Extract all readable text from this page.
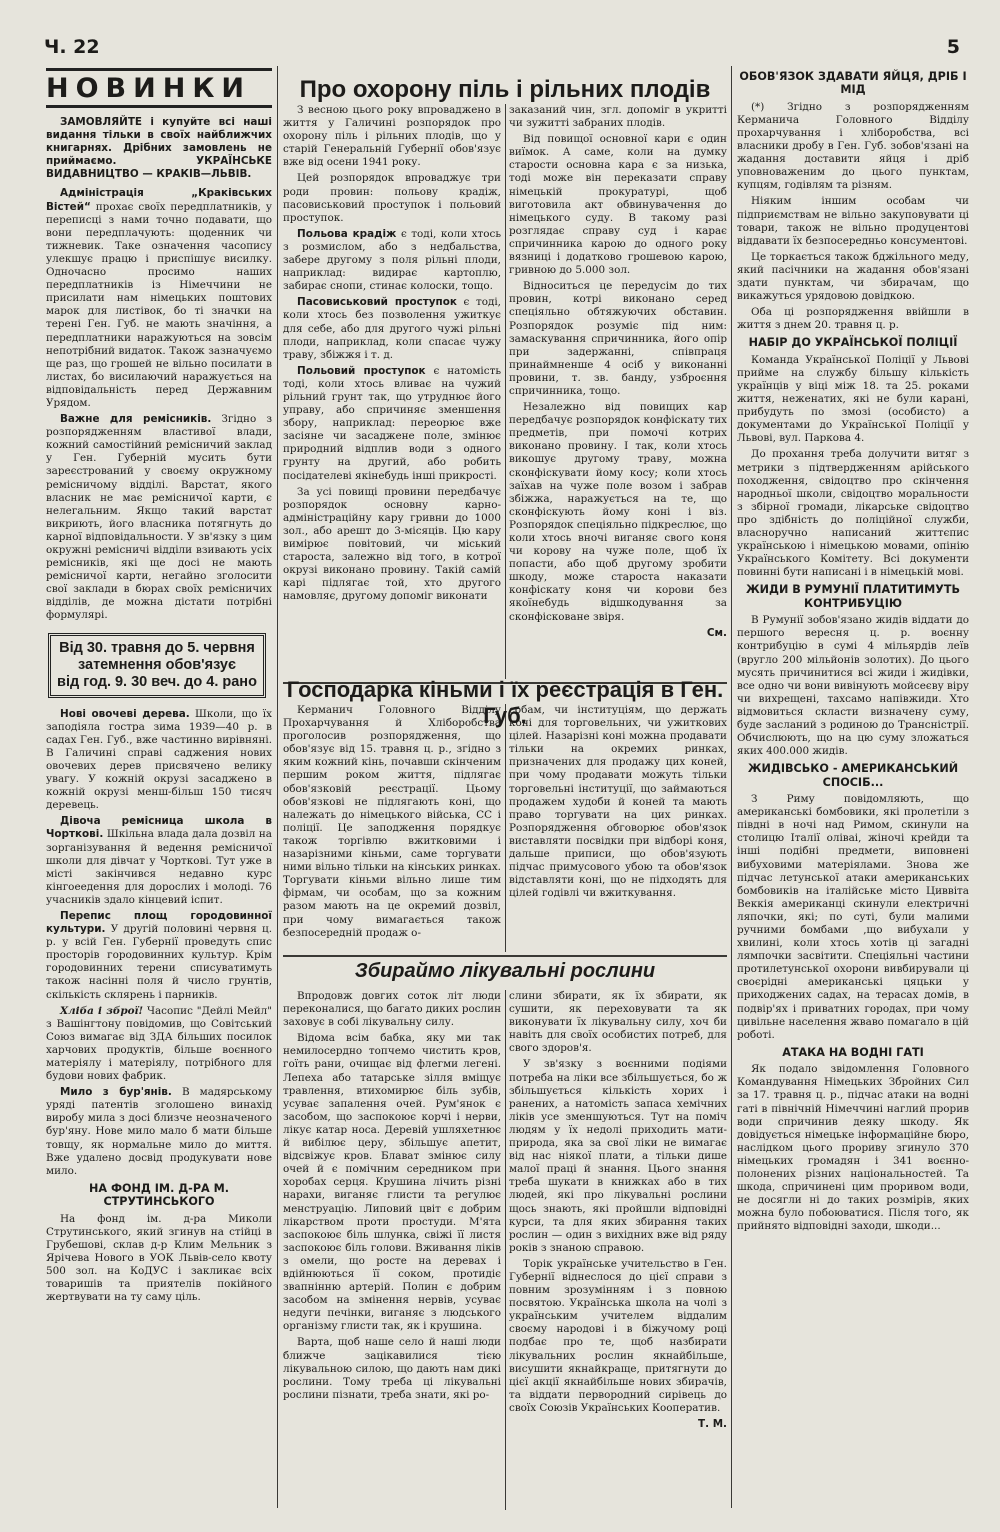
Ч. 22	5
НОВИНКИ

ЗАМОВЛЯЙТЕ і купуйте всі наші видання тільки в своїх найближчих книгарнях. Дрібних замовлень не приймаємо. УКРАЇНСЬКЕ ВИДАВНИЦТВО — КРАКІВ—ЛЬВІВ.

Адміністрація „Краківських Вістей“ прохає своїх передплатників, у переписці з нами точно подавати, що вони передплачують: щоденник чи тижневик. Таке означення часопису улекшує працю і приспішує висилку. Одночасно просимо наших передплатників із Німеччини не присилати нам німецьких поштових марок для листівок, бо ті значки на терені Ген. Губ. не мають значіння, а передплатники наражуються на зовсім непотрібний видаток. Також зазначуємо ще раз, що грошей не вільно посилати в листах, бо висилаючий наражується на відповідальність перед Державним Урядом.

Важне для ремісників. Згідно з розпорядженням властивої влади, кожний самостійний ремісничий заклад у Ген. Губерній мусить бути зареєстрований у своєму окружному ремісничому відділі. Варстат, якого власник не має ремісничої карти, є нелегальним. Якщо такий варстат викриють, його власника потягнуть до карної відповідальности. У зв'язку з цим окружні ремісничі відділи взивають усіх ремісників, які ще досі не мають ремісничої карти, негайно зголосити свої заклади в бюрах своїх ремісничих відділів, де можна дістати потрібні формулярі.

Від 30. травня до 5. червня
затемнення обов'язує
від год. 9. 30 веч. до 4. рано

Нові овочеві дерева. Школи, що їх заподіяла гостра зима 1939—40 р. в садах Ген. Губ., вже частинно вирівняні. В Галичині справі саджения нових овочевих дерев присвячено велику увагу. У кожній окрузі засаджено в кожній окрузі менш-більш 150 тисяч деревець.

Дівоча ремісница школа в Чорткові. Шкільна влада дала дозвіл на зорганізування й ведення ремісничої школи для дівчат у Чорткові. Тут уже в місті закінчився недавно курс кінгоеедення для дорослих і молоді. 76 учасників здало кінцевий іспит.

Перепис площ городовинної культури. У другій половині червня ц. р. у всій Ген. Губернії проведуть спис просторів городовинних культур. Крім городовинних терени списуватимуть також насінні поля й число грунтів, скількість склярень і парників.

Хліба і зброї! Часопис "Дейлі Мейл" з Вашінгтону повідомив, що Совітський Союз вимагає від ЗДА більших посилок харчових продуктів, більше воєнного матеріялу і матеріялу, потрібного для будови нових фабрик.

Мило з бур'янів. В мадярському уряді патентів зголошено винахід виробу мила з досі близче неозначеного бур'яну. Нове мило мало б мати більше товщу, як нормальне мило до миття. Вже удалено досвід продукувати нове мило.

НА ФОНД ІМ. Д-РА М. СТРУТИНСЬКОГО

На фонд ім. д-ра Миколи Струтинського, який згинув на стійці в Грубешові, склав д-р Клим Мельник з Ярічева Нового в УОК Львів-село квоту 500 зол. на КоДУС і закликає всіх товаришів та приятелів покійного жертвувати на ту саму ціль.

Про охорону піль і рільних плодів

З весною цього року впроваджено в життя у Галичині розпорядок про охорону піль і рільних плодів, що у старій Генеральній Губернії обов'язує вже від осени 1941 року.

Цей розпорядок впроваджує три роди провин: польову крадіж, пасовиськовий проступок і польовий проступок.

Польова крадіж є тоді, коли хтось з розмислом, або з недбальства, забере другому з поля рільні плоди, наприклад: видирає картоплю, забирає снопи, стинає колоски, тощо.

Пасовиськовий проступок є тоді, коли хтось без позволення ужиткує для себе, або для другого чужі рільні плоди, наприклад, коли спасає чужу траву, збіжжя і т. д.

Польовий проступок є натомість тоді, коли хтось вливає на чужий рільний грунт так, що утруднює його управу, або спричиняє зменшення збору, наприклад: переорює вже засіяне чи засаджене поле, змінює природний відплив води з одного грунту на другий, або робить посідателеві якінебудь інші прикрості.

За усі повищі провини передбачує розпорядок основну карно-адміністраційну кару гривни до 1000 зол., або арешт до 3-місяців. Цю кару вимірює повітовий, чи міський староста, залежно від того, в котрої окрузі виконано провину. Такій самій карі підлягає той, хто другого намовляє, другому допоміг виконати

заказаний чин, згл. допоміг в укритті чи зужитті забраних плодів.

Від повищої основної кари є один виїмок. А саме, коли на думку старости основна кара є за низька, тоді може він переказати справу німецькій прокуратурі, щоб виготовила акт обвинувачення до німецького суду. В такому разі розглядає справу суд і карає спричинника карою до одного року вязниці і додатково грошевою карою, гривною до 5.000 зол.

Відноситься це передусім до тих провин, котрі виконано серед спеціяльно обтяжуючих обставин. Розпорядок розуміє під ним: замаскування спричинника, його опір при задержанні, співпраця принаймненше 4 осіб у виконанні провини, т. зв. банду, узброєння спричинника, тощо.

Незалежно від повищих кар передбачує розпорядок конфіскату тих предметів, при помочі котрих виконано провину. І так, коли хтось викошує другому траву, можна сконфіскувати йому косу; коли хтось заїхав на чуже поле возом і забрав збіжжа, наражується на те, що сконфіскують йому коні і віз. Розпорядок спеціяльно підкреслює, що коли хтось вночі виганяє свого коня чи корову на чуже поле, щоб їх попасти, або щоб другому зробити шкоду, може староста наказати конфіскату коня чи корови без якоїнебудь відшкодування за сконфісковане звіря.

См.
Господарка кіньми і їх реєстрація в Ген. Губ.

Керманич Головного Відділу Прохарчування й Хліборобства проголосив розпорядження, що обов'язує від 15. травня ц. р., згідно з яким кожний кінь, почавши скінченим першим роком життя, підлягає обов'язковій реєстрації. Цьому обов'язкові не підлягають коні, що належать до німецького війська, СС і поліції. Це заподження порядкує також торгівлю вжитковими і назарізними кіньми, саме торгувати ними вільно тільки на кінських ринках. Торгувати кіньми вільно лише тим фірмам, чи особам, що за кожним разом мають на це окремий дозвіл, при чому вимагається також безпосередній продаж о-

собам, чи інституціям, що держать коні для торговельних, чи ужиткових цілей. Назарізні коні можна продавати тільки на окремих ринках, призначених для продажу цих коней, при чому продавати можуть тільки торговельні інституції, що займаються продажем худоби й коней та мають право торгувати на цих ринках. Розпорядження обговорює обов'язок виставляти посвідки при відборі коня, дальше приписи, що обов'язують підчас примусового убою та обов'язок відставляти коні, що не підходять для цілей годівлі чи вжиткування.

Збираймо лікувальні рослини

Впродовж довгих соток літ люди переконалися, що багато диких рослин заховує в собі лікувальну силу.

Відома всім бабка, яку ми так немилосердно топчемо чистить кров, гоїть рани, очищає від флегми легені. Лепеха або татарське зілля вміщує травлення, втихомирює біль зубів, усуває запалення очей. Рум'янок є засобом, що заспокоює корчі і нерви, лікує катар носа. Деревій ушляхетнює й вибілює церу, збільшує апетит, відсвіжує кров. Блават змінює силу очей й є помічним середником при хоробах серця. Крушина лічить різні нарахи, виганяє глисти та регулює менструацію. Липовий цвіт є добрим лікарством проти простуди. М'ята заспокоює біль шлунка, свіжі її листя заспокоює біль голови. Вживання ліків з омели, що росте на деревах і вдійнюються її соком, протидіє звапнінню артерій. Полин є добрим засобом на змінення нервів, усуває недуги печінки, виганяє з людського організму глисти так, як і крушина.

Варта, щоб наше село й наші люди ближче зацікавилися тією лікувальною силою, що дають нам дикі рослини. Тому треба ці лікувальні рослини пізнати, треба знати, які ро-

слини збирати, як їх збирати, як сушити, як переховувати та як виконувати їх лікувальну силу, хоч би навіть для своїх особистих потреб, для свого здоров'я.

У зв'язку з воєнними подіями потреба на ліки все збільшується, бо ж збільшується кількість хорих і ранених, а натомість запаса хемічних ліків усе зменшуються. Тут на поміч людям у їх недолі приходить мати-природа, яка за свої ліки не вимагає від нас ніякої плати, а тільки дише малої праці й знання. Цього знання треба шукати в книжках або в тих людей, які про лікувальні рослини щось знають, які пройшли відповідні курси, та для яких збирання таких рослин — один з вихідних вже від ряду років з знаною справою.

Торік українське учительство в Ген. Губернії віднеслося до цієї справи з повним зрозумінням і з повною посвятою. Українська школа на чолі з українським учителем віддалим своєму народові і в біжучому році подбає про те, щоб назбирати лікувальних рослин якнайбільше, висушити якнайкраще, притягнути до цієї акції якнайбільше нових збирачів, та віддати первородний сирівець до своїх Союзів Українських Кооператив.

Т. М.
ОБОВ'ЯЗОК ЗДАВАТИ ЯЙЦЯ, ДРІБ І МІД

(*) Згідно з розпорядженням Керманича Головного Відділу прохарчування і хліборобства, всі власники дробу в Ген. Губ. зобов'язані на жадання доставити яйця і дріб уповноваженим до цього пунктам, купцям, годівлям та різням.

Ніяким іншим особам чи підприємствам не вільно закуповувати ці товари, також не вільно продуцентові віддавати їх безпосередньо консументові.

Це торкається також бджільного меду, який пасічники на жадання обов'язані здати пунктам, чи збирачам, що викажуться урядовою довідкою.

Оба ці розпорядження ввійшли в життя з днем 20. травня ц. р.

НАБІР ДО УКРАЇНСЬКОЇ ПОЛІЦІЇ

Команда Української Поліції у Львові прийме на службу більшу кількість українців у віці між 18. та 25. роками життя, неженатих, які не були карані, прибудуть по змозі (особисто) а документами до Української Поліції у Львові, вул. Паркова 4.

До прохання треба долучити витяг з метрики з підтвердженням арійського походження, свідоцтво про скінчення народньої школи, свідоцтво моральности з збірної громади, лікарське свідоцтво про здібність до поліційної служби, власноручно написаний життєпис українською і німецькою мовами, опінію Українського Комітету. Всі документи повинні бути написані і в німецькій мові.

ЖИДИ В РУМУНІЇ ПЛАТИТИМУТЬ КОНТРИБУЦІЮ

В Румунії зобов'язано жидів віддати до першого вересня ц. р. воєнну контрибуцію в сумі 4 мільярдів леїв (вругло 200 мільйонів золотих). До цього мусять причинитися всі жиди і жидівки, все одно чи вони вивінують мойсеєву віру чи вихрещені, тахсамо напівжиди. Хто відмовиться скласти визначену суму, буде засланий з родиною до Трансністрії. Обчислюють, що на цю суму зложаться яких 400.000 жидів.

ЖИДІВСЬКО - АМЕРИКАНСЬКИЙ СПОСІБ...

З Риму повідомляють, що американські бомбовики, які пролетіли з півдні в ночі над Римом, скинули на столицю Італії оліваі, жіночі крейди та інші подібні предмети, виповнені вибуховими матеріялами. Знова же підчас летунської атаки американських бомбовиків на італійське місто Циввіта Веккія американці скинули електричні ляпочки, які; по суті, були малими ручними бомбами ,що вибухали у хвилині, коли хтось хотів ці загадні лямпочки засвітити. Спеціяльні частини протилетунської охорони вивбирували ці своєрідні американські цяцьки у приходжених садах, на терасах домів, в подвір'ях і приватних городах, при чому цивільне населення жваво помагало в цій роботі.

АТАКА НА ВОДНІ ГАТІ

Як подало звідомлення Головного Командування Німецьких Збройних Сил за 17. травня ц. р., підчас атаки на водні гаті в північній Німеччині наглий прорив води спричинив деяку шкоду. Як довідується німецьке інформаційне бюро, наслідком цього прориву згинуло 370 німецьких громадян і 341 воєнно-полонених різних національностей. Та шкода, спричинені цим проривом води, не досягли ні до таких розмірів, яких можна було побоюватися. Після того, як прийнято відповідні заходи, шкоди...
